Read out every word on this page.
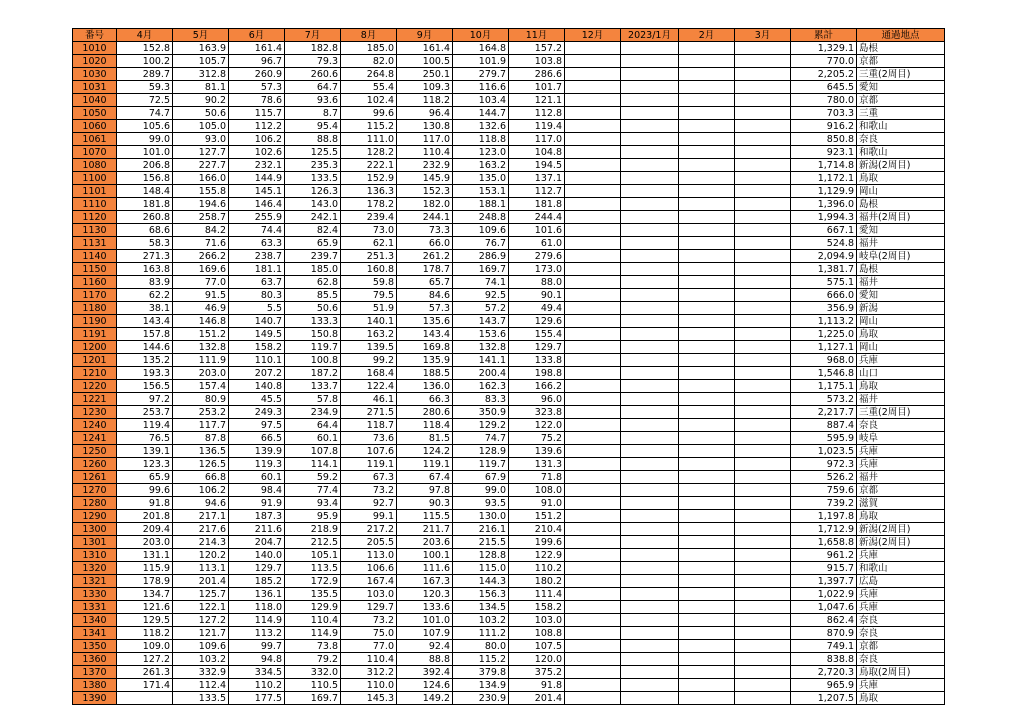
番号	4月	5月	6月	7月	8月	9月	10月	11月	12月	2023/1月	2月	3月	累計	通過地点
1010	152.8	163.9	161.4	182.8	185.0	161.4	164.8	157.2					1,329.1	島根
1020	100.2	105.7	96.7	79.3	82.0	100.5	101.9	103.8					770.0	京都
1030	289.7	312.8	260.9	260.6	264.8	250.1	279.7	286.6					2,205.2	三重(2周目)
1031	59.3	81.1	57.3	64.7	55.4	109.3	116.6	101.7					645.5	愛知
1040	72.5	90.2	78.6	93.6	102.4	118.2	103.4	121.1					780.0	京都
1050	74.7	50.6	115.7	8.7	99.6	96.4	144.7	112.8					703.3	三重
1060	105.6	105.0	112.2	95.4	115.2	130.8	132.6	119.4					916.2	和歌山
1061	99.0	93.0	106.2	88.8	111.0	117.0	118.8	117.0					850.8	奈良
1070	101.0	127.7	102.6	125.5	128.2	110.4	123.0	104.8					923.1	和歌山
1080	206.8	227.7	232.1	235.3	222.1	232.9	163.2	194.5					1,714.8	新潟(2周目)
1100	156.8	166.0	144.9	133.5	152.9	145.9	135.0	137.1					1,172.1	鳥取
1101	148.4	155.8	145.1	126.3	136.3	152.3	153.1	112.7					1,129.9	岡山
1110	181.8	194.6	146.4	143.0	178.2	182.0	188.1	181.8					1,396.0	島根
1120	260.8	258.7	255.9	242.1	239.4	244.1	248.8	244.4					1,994.3	福井(2周目)
1130	68.6	84.2	74.4	82.4	73.0	73.3	109.6	101.6					667.1	愛知
1131	58.3	71.6	63.3	65.9	62.1	66.0	76.7	61.0					524.8	福井
1140	271.3	266.2	238.7	239.7	251.3	261.2	286.9	279.6					2,094.9	岐阜(2周目)
1150	163.8	169.6	181.1	185.0	160.8	178.7	169.7	173.0					1,381.7	島根
1160	83.9	77.0	63.7	62.8	59.8	65.7	74.1	88.0					575.1	福井
1170	62.2	91.5	80.3	85.5	79.5	84.6	92.5	90.1					666.0	愛知
1180	38.1	46.9	5.5	50.6	51.9	57.3	57.2	49.4					356.9	新潟
1190	143.4	146.8	140.7	133.3	140.1	135.6	143.7	129.6					1,113.2	岡山
1191	157.8	151.2	149.5	150.8	163.2	143.4	153.6	155.4					1,225.0	鳥取
1200	144.6	132.8	158.2	119.7	139.5	169.8	132.8	129.7					1,127.1	岡山
1201	135.2	111.9	110.1	100.8	99.2	135.9	141.1	133.8					968.0	兵庫
1210	193.3	203.0	207.2	187.2	168.4	188.5	200.4	198.8					1,546.8	山口
1220	156.5	157.4	140.8	133.7	122.4	136.0	162.3	166.2					1,175.1	鳥取
1221	97.2	80.9	45.5	57.8	46.1	66.3	83.3	96.0					573.2	福井
1230	253.7	253.2	249.3	234.9	271.5	280.6	350.9	323.8					2,217.7	三重(2周目)
1240	119.4	117.7	97.5	64.4	118.7	118.4	129.2	122.0					887.4	奈良
1241	76.5	87.8	66.5	60.1	73.6	81.5	74.7	75.2					595.9	岐阜
1250	139.1	136.5	139.9	107.8	107.6	124.2	128.9	139.6					1,023.5	兵庫
1260	123.3	126.5	119.3	114.1	119.1	119.1	119.7	131.3					972.3	兵庫
1261	65.9	66.8	60.1	59.2	67.3	67.4	67.9	71.8					526.2	福井
1270	99.6	106.2	98.4	77.4	73.2	97.8	99.0	108.0					759.6	京都
1280	91.8	94.6	91.9	93.4	92.7	90.3	93.5	91.0					739.2	滋賀
1290	201.8	217.1	187.3	95.9	99.1	115.5	130.0	151.2					1,197.8	鳥取
1300	209.4	217.6	211.6	218.9	217.2	211.7	216.1	210.4					1,712.9	新潟(2周目)
1301	203.0	214.3	204.7	212.5	205.5	203.6	215.5	199.6					1,658.8	新潟(2周目)
1310	131.1	120.2	140.0	105.1	113.0	100.1	128.8	122.9					961.2	兵庫
1320	115.9	113.1	129.7	113.5	106.6	111.6	115.0	110.2					915.7	和歌山
1321	178.9	201.4	185.2	172.9	167.4	167.3	144.3	180.2					1,397.7	広島
1330	134.7	125.7	136.1	135.5	103.0	120.3	156.3	111.4					1,022.9	兵庫
1331	121.6	122.1	118.0	129.9	129.7	133.6	134.5	158.2					1,047.6	兵庫
1340	129.5	127.2	114.9	110.4	73.2	101.0	103.2	103.0					862.4	奈良
1341	118.2	121.7	113.2	114.9	75.0	107.9	111.2	108.8					870.9	奈良
1350	109.0	109.6	99.7	73.8	77.0	92.4	80.0	107.5					749.1	京都
1360	127.2	103.2	94.8	79.2	110.4	88.8	115.2	120.0					838.8	奈良
1370	261.3	332.9	334.5	332.0	312.2	392.4	379.8	375.2					2,720.3	鳥取(2周目)
1380	171.4	112.4	110.2	110.5	110.0	124.6	134.9	91.8					965.9	兵庫
1390		133.5	177.5	169.7	145.3	149.2	230.9	201.4					1,207.5	鳥取
